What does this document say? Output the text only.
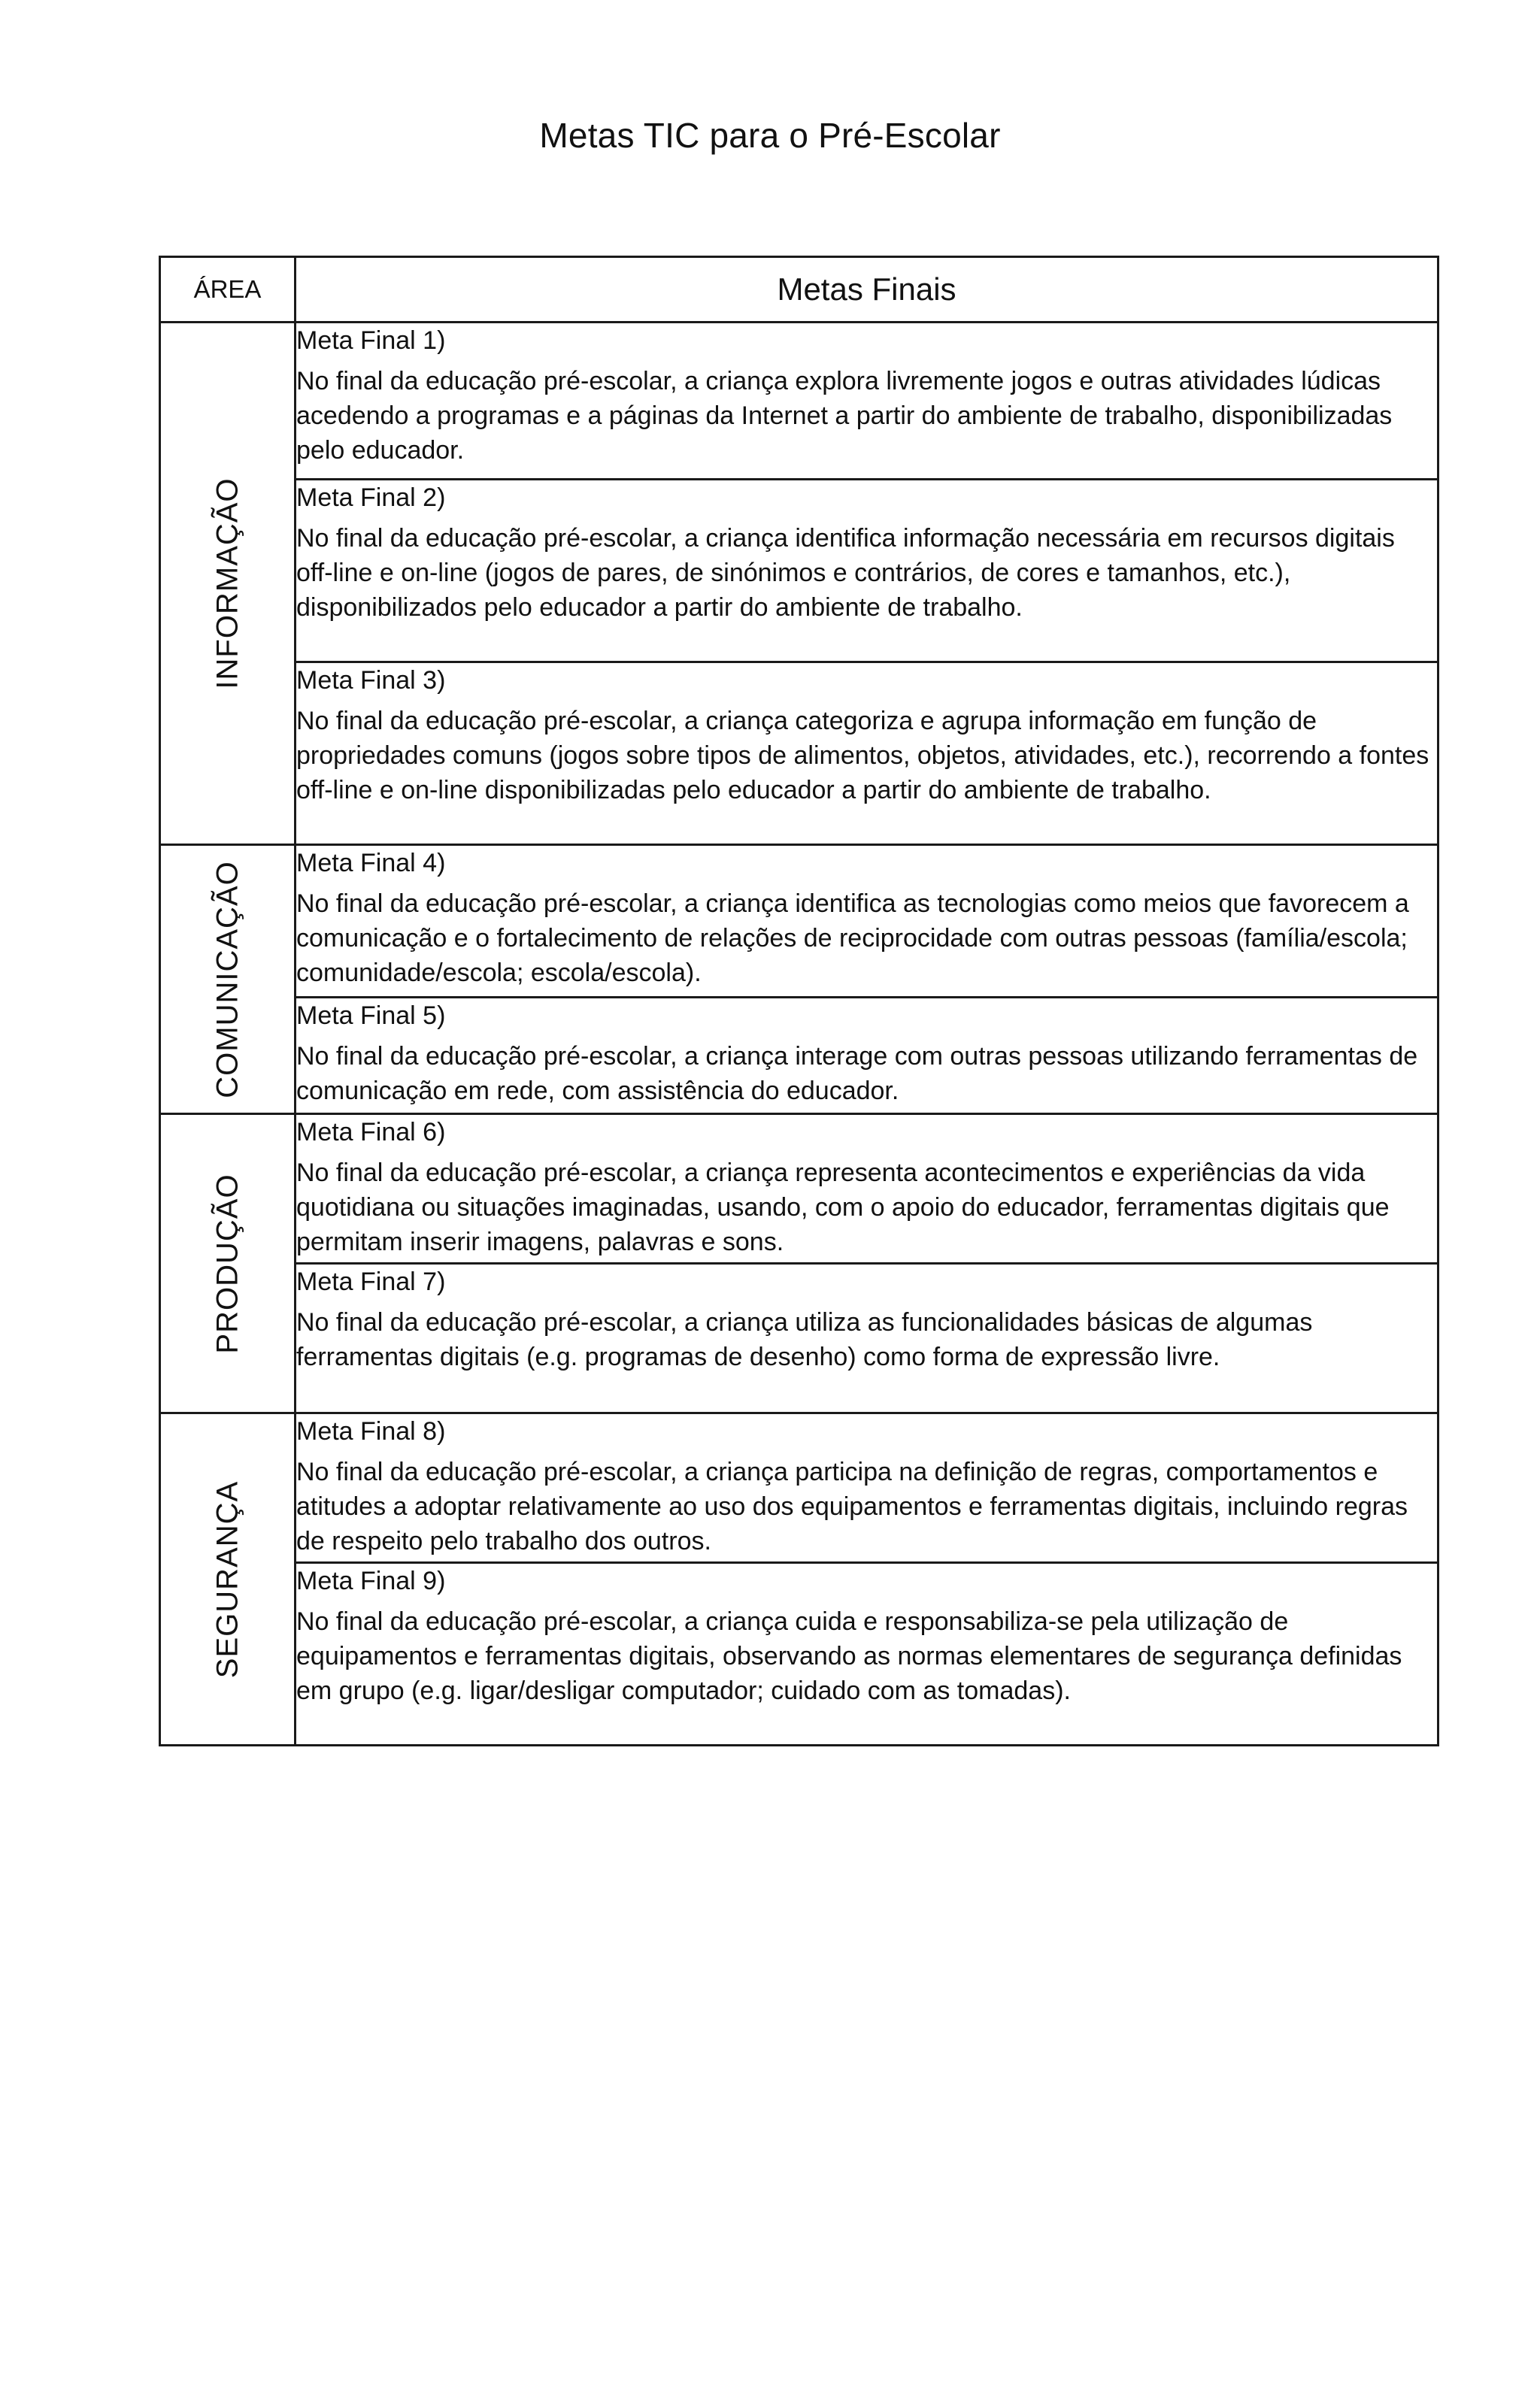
Metas TIC para o Pré-Escolar
ÁREA	Metas Finais

INFORMAÇÃO	Meta Final 1)
No final da educação pré-escolar, a criança explora livremente jogos e outras atividades lúdicas acedendo a programas e a páginas da Internet a partir do ambiente de trabalho, disponibilizadas pelo educador.

	Meta Final 2)
No final da educação pré-escolar, a criança identifica informação necessária em recursos digitais off-line e on-line (jogos de pares, de sinónimos e contrários, de cores e tamanhos, etc.), disponibilizados pelo educador a partir do ambiente de trabalho.

	Meta Final 3)
No final da educação pré-escolar, a criança categoriza e agrupa informação em função de propriedades comuns (jogos sobre tipos de alimentos, objetos, atividades, etc.), recorrendo a fontes off-line e on-line disponibilizadas pelo educador a partir do ambiente de trabalho.

COMUNICAÇÃO	Meta Final 4)
No final da educação pré-escolar, a criança identifica as tecnologias como meios que favorecem a comunicação e o fortalecimento de relações de reciprocidade com outras pessoas (família/escola; comunidade/escola; escola/escola).

	Meta Final 5)
No final da educação pré-escolar, a criança interage com outras pessoas utilizando ferramentas de comunicação em rede, com assistência do educador.

PRODUÇÃO	Meta Final 6)
No final da educação pré-escolar, a criança representa acontecimentos e experiências da vida quotidiana ou situações imaginadas, usando, com o apoio do educador, ferramentas digitais que permitam inserir imagens, palavras e sons.

	Meta Final 7)
No final da educação pré-escolar, a criança utiliza as funcionalidades básicas de algumas ferramentas digitais (e.g. programas de desenho) como forma de expressão livre.

SEGURANÇA	Meta Final 8)
No final da educação pré-escolar, a criança participa na definição de regras, comportamentos e atitudes a adoptar relativamente ao uso dos equipamentos e ferramentas digitais, incluindo regras de respeito pelo trabalho dos outros.

	Meta Final 9)
No final da educação pré-escolar, a criança cuida e responsabiliza-se pela utilização de equipamentos e ferramentas digitais, observando as normas elementares de segurança definidas em grupo (e.g. ligar/desligar computador; cuidado com as tomadas).
